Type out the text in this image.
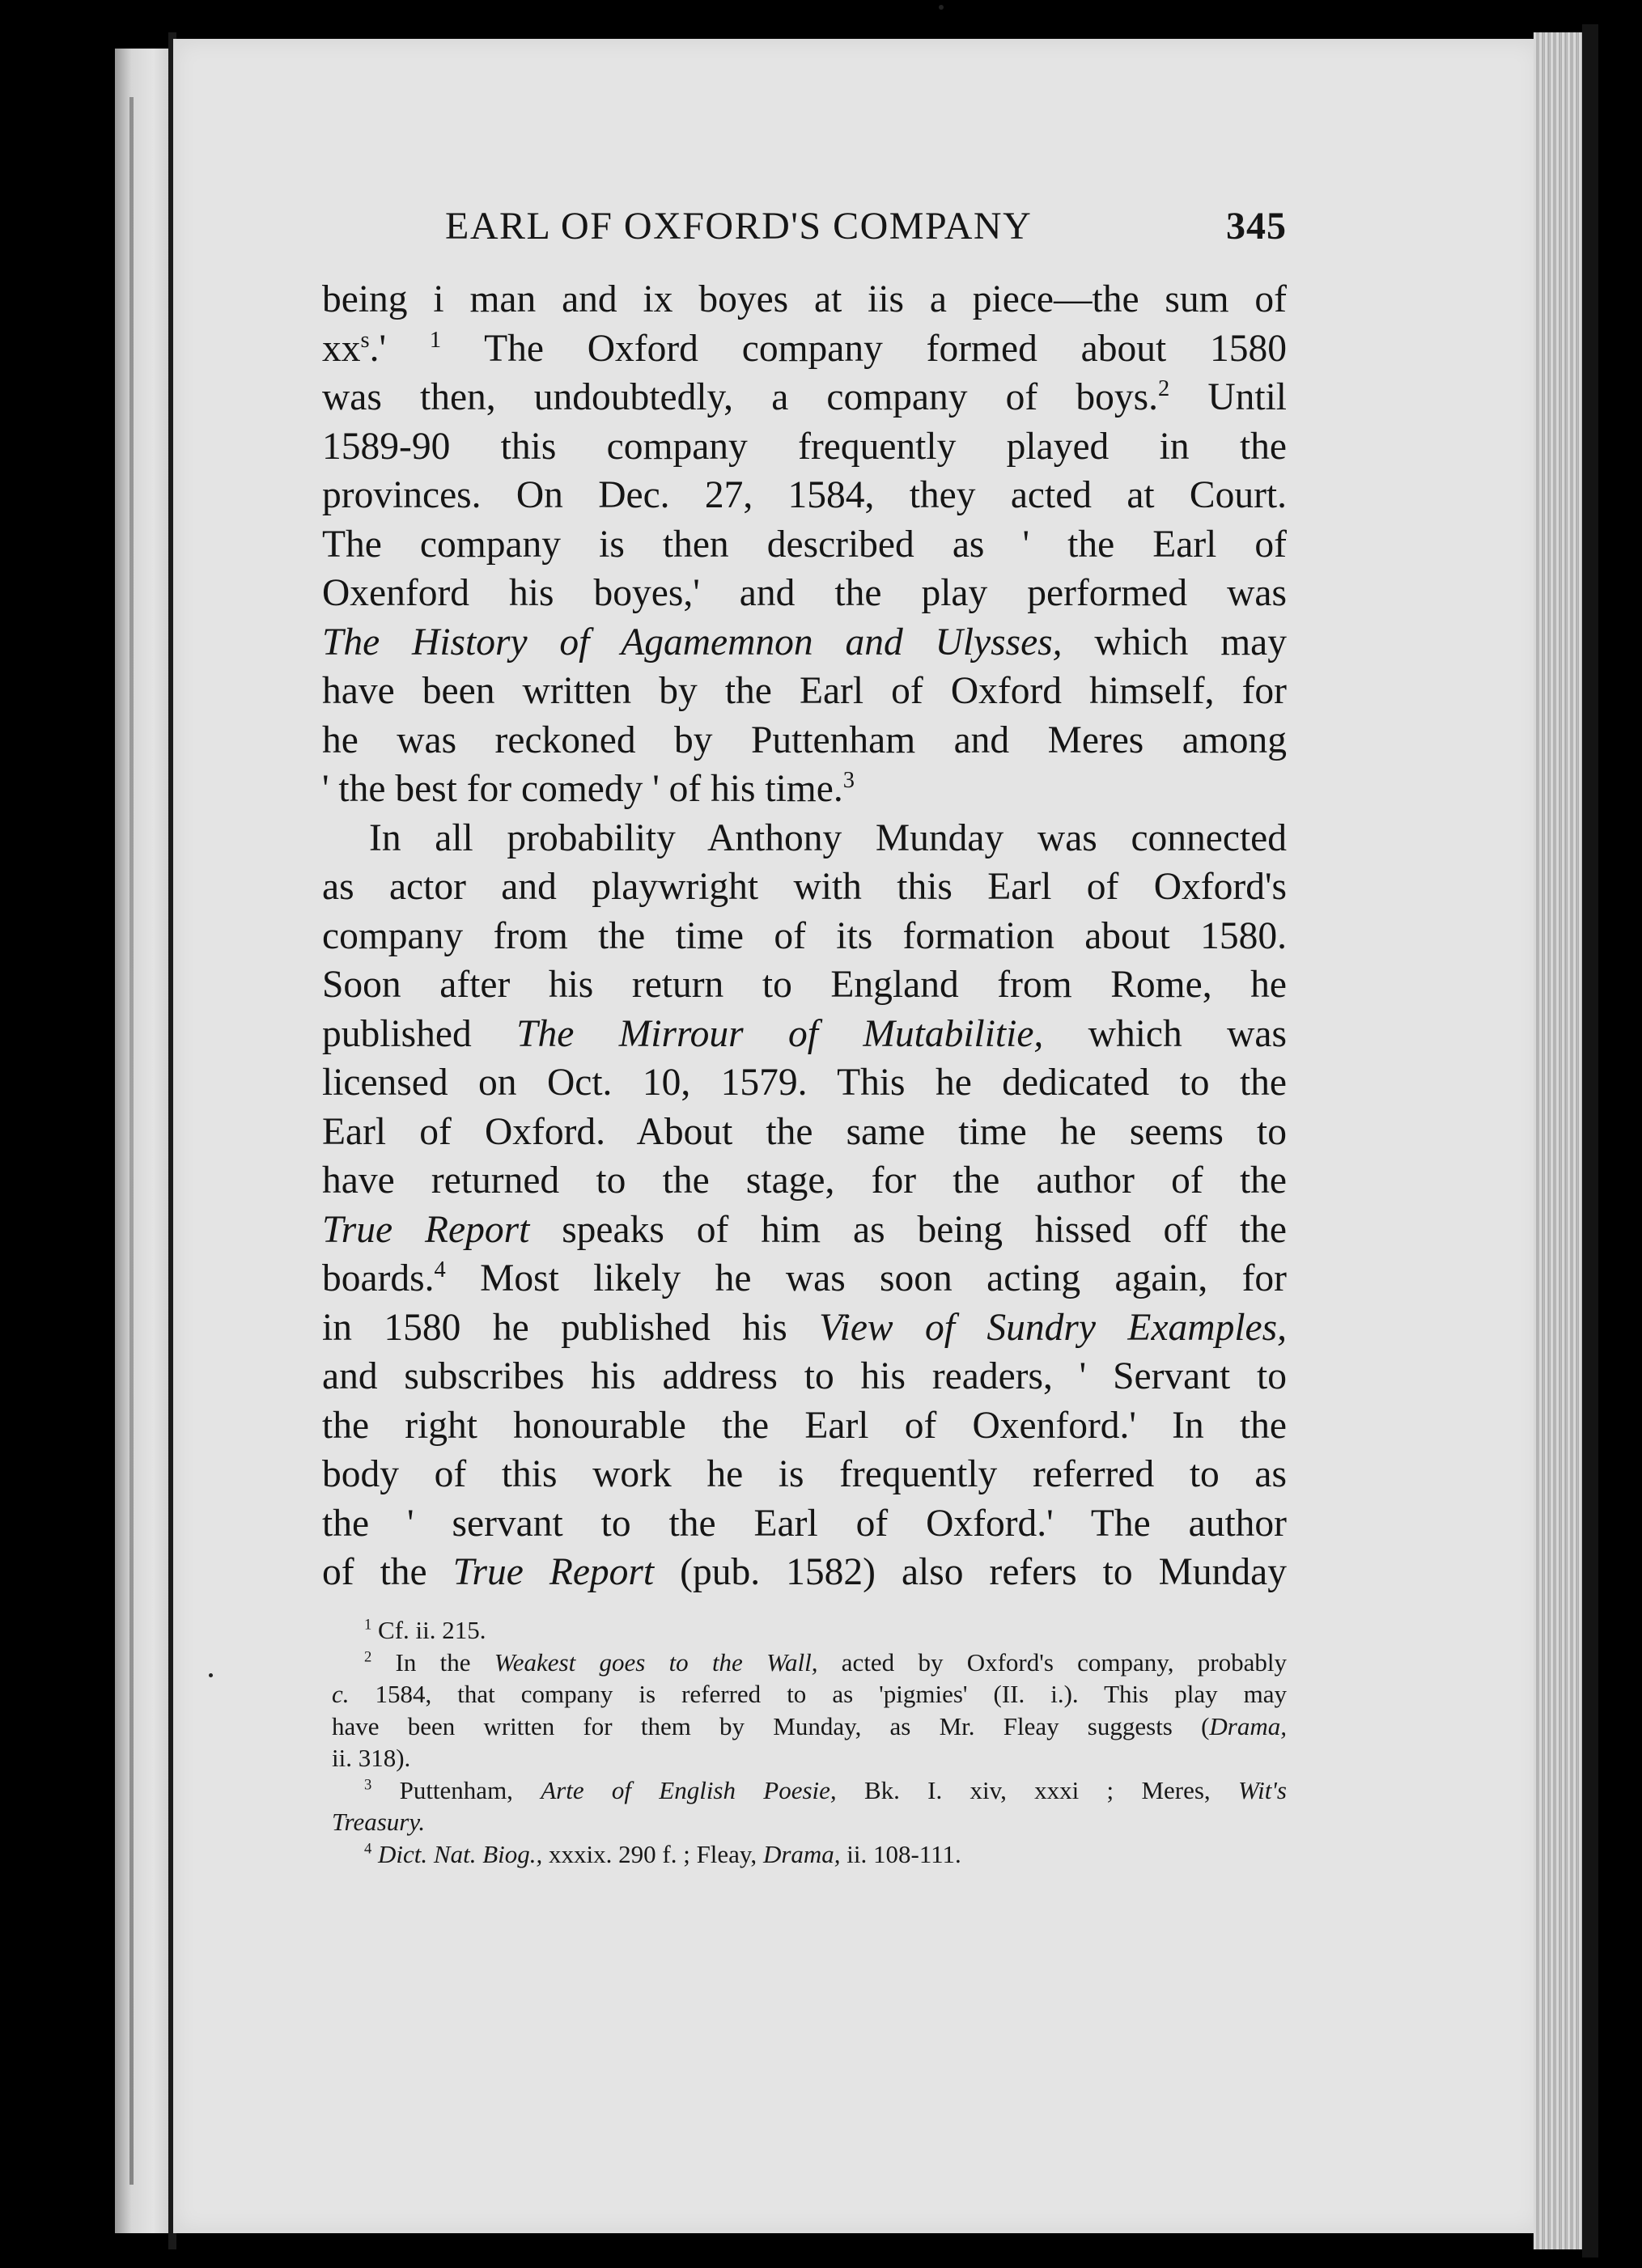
EARL OF OXFORD'S COMPANY	345
being i man and ix boyes at iis a piece—the sum of
$xx^s.'$ $^1$ The Oxford company formed about 1580
was then, undoubtedly, a company of boys.$^2$ Until
1589-90 this company frequently played in the
provinces. On Dec. 27, 1584, they acted at Court.
The company is then described as ' the Earl of
Oxenford his boyes,' and the play performed was
The History of Agamemnon and Ulysses, which may
have been written by the Earl of Oxford himself, for
he was reckoned by Puttenham and Meres among
' the best for comedy ' of his time.$^3$
In all probability Anthony Munday was connected
as actor and playwright with this Earl of Oxford's
company from the time of its formation about 1580.
Soon after his return to England from Rome, he
published The Mirrour of Mutabilitie, which was
licensed on Oct. 10, 1579. This he dedicated to the
Earl of Oxford. About the same time he seems to
have returned to the stage, for the author of the
True Report speaks of him as being hissed off the
boards.$^4$ Most likely he was soon acting again, for
in 1580 he published his View of Sundry Examples,
and subscribes his address to his readers, ' Servant to
the right honourable the Earl of Oxenford.' In the
body of this work he is frequently referred to as
the ' servant to the Earl of Oxford.' The author
of the True Report (pub. 1582) also refers to Munday
$^1$ Cf. ii. 215.
$^2$ In the Weakest goes to the Wall, acted by Oxford's company, probably
c. 1584, that company is referred to as 'pigmies' (II. i.). This play may
have been written for them by Munday, as Mr. Fleay suggests (Drama,
ii. 318).
$^3$ Puttenham, Arte of English Poesie, Bk. I. xiv, xxxi ; Meres, Wit's
Treasury.
$^4$ Dict. Nat. Biog., xxxix. 290 f. ; Fleay, Drama, ii. 108-111.
